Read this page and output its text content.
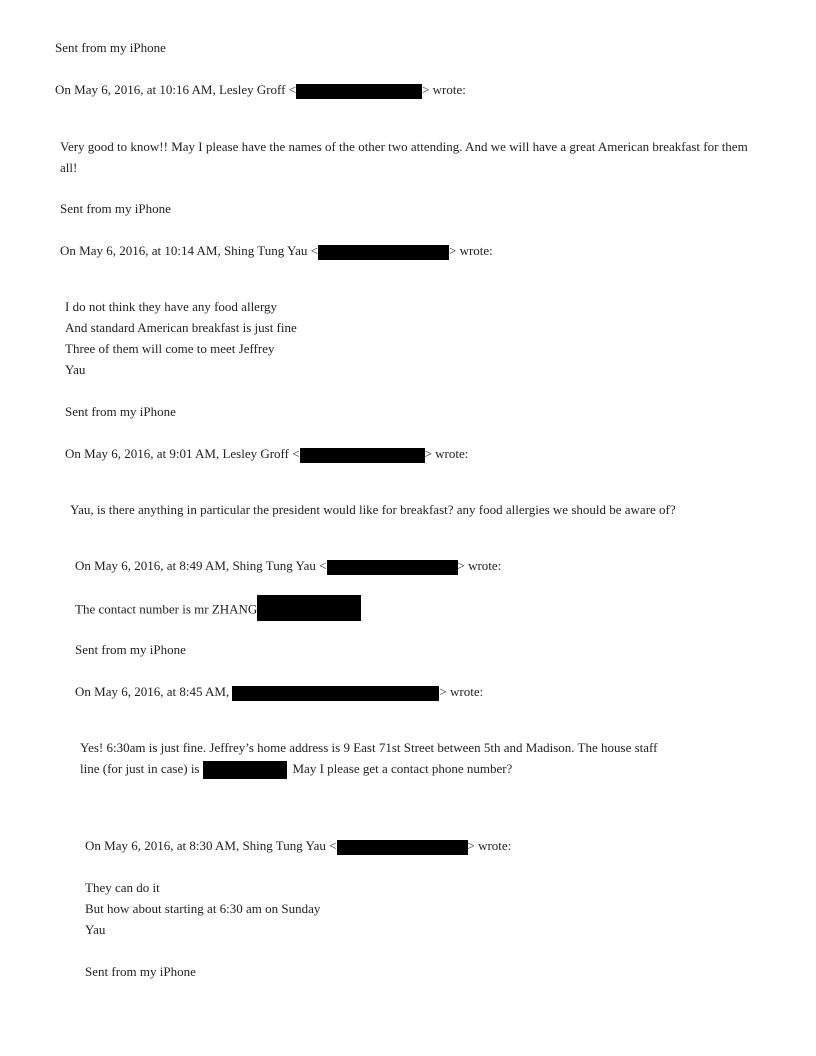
Sent from my iPhone
On May 6, 2016, at 10:16 AM, Lesley Groff <	> wrote:
Very good to know!! May I please have the names of the other two attending. And we will have a great American breakfast for them all!
Sent from my iPhone
On May 6, 2016, at 10:14 AM, Shing Tung Yau <	> wrote:
I do not think they have any food allergy
And standard American breakfast is just fine
Three of them will come to meet Jeffrey
Yau
Sent from my iPhone
On May 6, 2016, at 9:01 AM, Lesley Groff <	> wrote:
Yau, is there anything in particular the president would like for breakfast? any food allergies we should be aware of?
On May 6, 2016, at 8:49 AM, Shing Tung Yau <	> wrote:
The contact number is mr ZHANG
Sent from my iPhone
On May 6, 2016, at 8:45 AM,	> wrote:
Yes! 6:30am is just fine. Jeffrey’s home address is 9 East 71st Street between 5th and Madison. The house staff
line (for just in case) is	May I please get a contact phone number?
On May 6, 2016, at 8:30 AM, Shing Tung Yau <	> wrote:
They can do it
But how about starting at 6:30 am on Sunday
Yau
Sent from my iPhone
